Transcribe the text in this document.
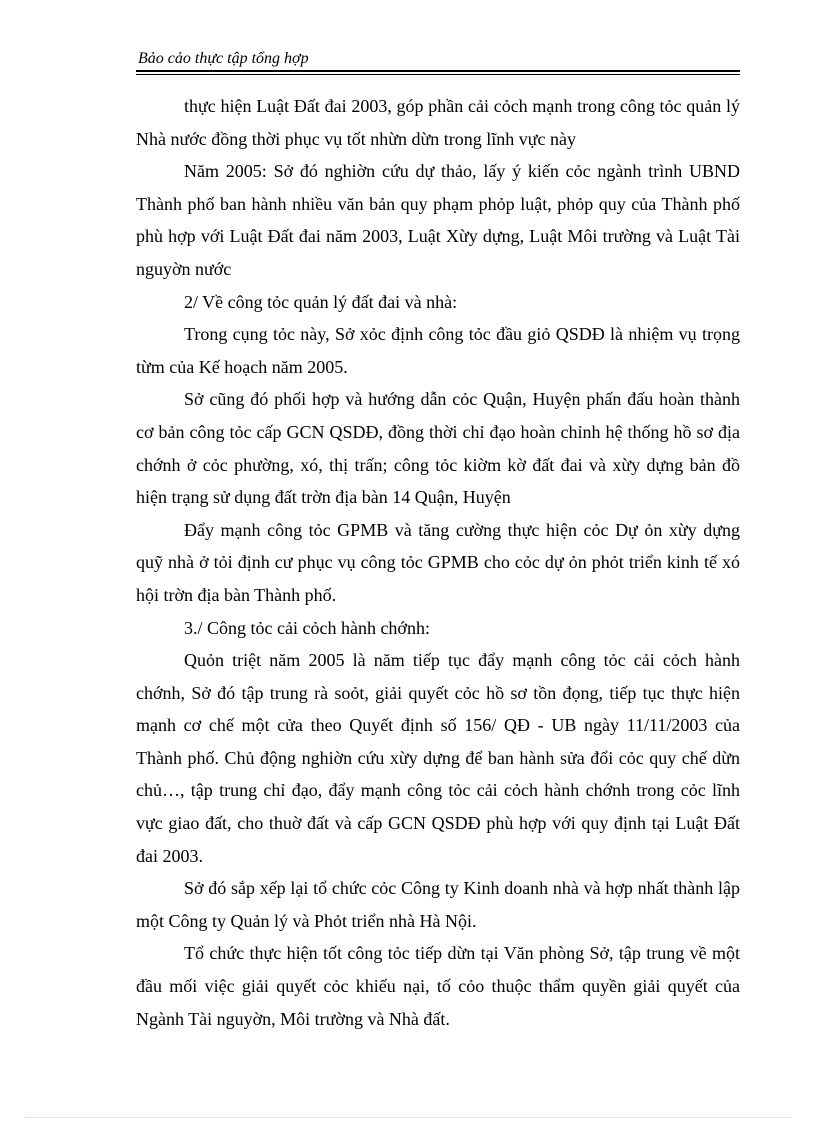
Bảo cảo thực tập tổng hợp

thực hiện Luật Đất đai 2003, góp phần cải cỏch mạnh trong công tỏc quản lý Nhà nước đồng thời phục vụ tốt nhừn dừn trong lĩnh vực này

Năm 2005: Sở đó nghiờn cứu dự thảo, lấy ý kiến cỏc ngành trình UBND Thành phố ban hành nhiều văn bản quy phạm phỏp luật, phỏp quy của Thành phố phù hợp với Luật Đất đai năm 2003, Luật Xừy dựng, Luật Môi trường và Luật Tài nguyờn nước

2/ Về công tỏc quản lý đất đai và nhà:

Trong cụng tỏc này, Sở xỏc định công tỏc đầu giỏ QSDĐ là nhiệm vụ trọng từm của Kế hoạch năm 2005.

Sở cũng đó phối hợp và hướng dẫn cỏc Quận, Huyện phấn đấu hoàn thành cơ bản công tỏc cấp GCN QSDĐ, đồng thời chỉ đạo hoàn chỉnh hệ thống hồ sơ địa chớnh ở cỏc phường, xó, thị trấn; công tỏc kiờm kờ đất đai và xừy dựng bản đồ hiện trạng sử dụng đất trờn địa bàn 14 Quận, Huyện

Đẩy mạnh công tỏc GPMB và tăng cường thực hiện cỏc Dự ỏn xừy dựng quỹ nhà ở tỏi định cư phục vụ công tỏc GPMB cho cỏc dự ỏn phỏt triển kinh tế xó hội trờn địa bàn Thành phố.

3./ Công tỏc cải cỏch hành chớnh:

Quỏn triệt năm 2005 là năm tiếp tục đẩy mạnh công tỏc cải cỏch hành chớnh, Sở đó tập trung rà soỏt, giải quyết cỏc hồ sơ tồn đọng, tiếp tục thực hiện mạnh cơ chế một cửa theo Quyết định số 156/ QĐ - UB ngày 11/11/2003 của Thành phố. Chủ động nghiờn cứu xừy dựng để ban hành sửa đổi cỏc quy chế dừn chủ…, tập trung chỉ đạo, đẩy mạnh công tỏc cải cỏch hành chớnh trong cỏc lĩnh vực giao đất, cho thuờ đất và cấp GCN QSDĐ phù hợp với quy định tại Luật Đất đai 2003.

Sở đó sắp xếp lại tổ chức cỏc Công ty Kinh doanh nhà và hợp nhất thành lập một Công ty Quản lý và Phỏt triển nhà Hà Nội.

Tổ chức thực hiện tốt công tỏc tiếp dừn tại Văn phòng Sở, tập trung về một đầu mối việc giải quyết cỏc khiếu nại, tố cỏo thuộc thẩm quyền giải quyết của Ngành Tài nguyờn, Môi trường và Nhà đất.
